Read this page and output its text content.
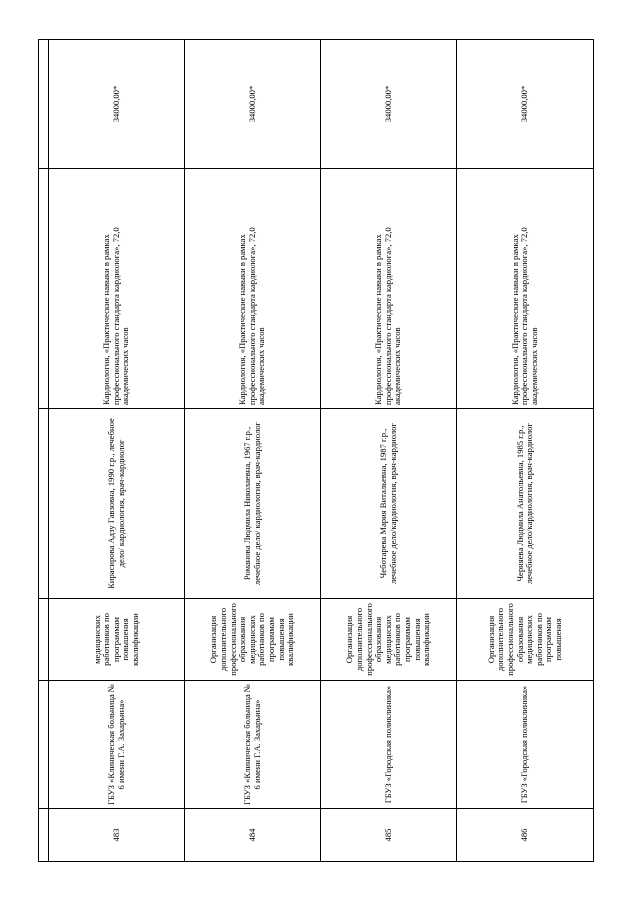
483	ГБУЗ «Клиническая больница № 6 имени Г.А. Захарьина»	медицинских работников по программам повышения квалификации	Кирасирова Адзу Гавзовна, 1990 г.р., лечебное дело/ кардиология, врач-кардиолог	Кардиология, «Практические навыки в рамках профессионального стандарта кардиолога», 72,0 академических часов	34000,00*
484	ГБУЗ «Клиническая больница № 6 имени Г.А. Захарьина»	Организация дополнительного профессионального образования медицинских работников по программам повышения квалификации	Романова Людмила Николаевна, 1967 г.р., лечебное дело/ кардиология, врач-кардиолог	Кардиология, «Практические навыки в рамках профессионального стандарта кардиолога», 72,0 академических часов	34000,00*
485	ГБУЗ «Городская поликлиника»	Организация дополнительного профессионального образования медицинских работников по программам повышения квалификации	Чеботарева Мария Витальевна, 1987 г.р., лечебное дело/кардиология, врач-кардиолог	Кардиология, «Практические навыки в рамках профессионального стандарта кардиолога», 72,0 академических часов	34000,00*
486	ГБУЗ «Городская поликлиника»	Организация дополнительного профессионального образования медицинских работников по программам повышения	Черняева Людмила Анатольевна, 1985 г.р., лечебное дело/кардиология, врач-кардиолог	Кардиология, «Практические навыки в рамках профессионального стандарта кардиолога», 72,0 академических часов	34000,00*
